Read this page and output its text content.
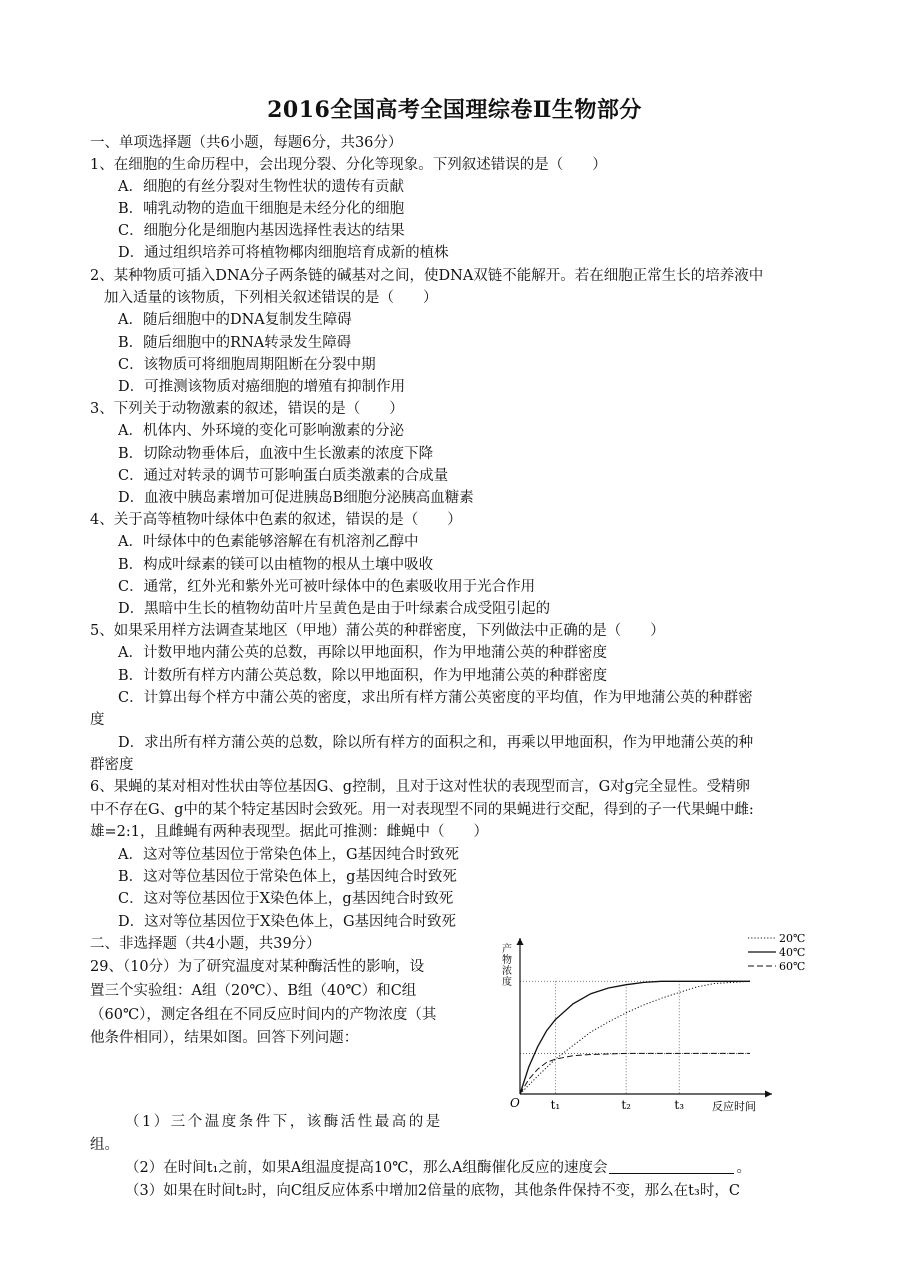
2016全国高考全国理综卷Ⅱ生物部分
一、单项选择题（共6小题，每题6分，共36分）
1、在细胞的生命历程中，会出现分裂、分化等现象。下列叙述错误的是（　　）
A．细胞的有丝分裂对生物性状的遗传有贡献
B．哺乳动物的造血干细胞是未经分化的细胞
C．细胞分化是细胞内基因选择性表达的结果
D．通过组织培养可将植物椰肉细胞培育成新的植株
2、某种物质可插入DNA分子两条链的碱基对之间，使DNA双链不能解开。若在细胞正常生长的培养液中
加入适量的该物质，下列相关叙述错误的是（　　）
A．随后细胞中的DNA复制发生障碍
B．随后细胞中的RNA转录发生障碍
C．该物质可将细胞周期阻断在分裂中期
D．可推测该物质对癌细胞的增殖有抑制作用
3、下列关于动物激素的叙述，错误的是（　　）
A．机体内、外环境的变化可影响激素的分泌
B．切除动物垂体后，血液中生长激素的浓度下降
C．通过对转录的调节可影响蛋白质类激素的合成量
D．血液中胰岛素增加可促进胰岛B细胞分泌胰高血糖素
4、关于高等植物叶绿体中色素的叙述，错误的是（　　）
A．叶绿体中的色素能够溶解在有机溶剂乙醇中
B．构成叶绿素的镁可以由植物的根从土壤中吸收
C．通常，红外光和紫外光可被叶绿体中的色素吸收用于光合作用
D．黑暗中生长的植物幼苗叶片呈黄色是由于叶绿素合成受阻引起的
5、如果采用样方法调查某地区（甲地）蒲公英的种群密度，下列做法中正确的是（　　）
A．计数甲地内蒲公英的总数，再除以甲地面积，作为甲地蒲公英的种群密度
B．计数所有样方内蒲公英总数，除以甲地面积，作为甲地蒲公英的种群密度
C．计算出每个样方中蒲公英的密度，求出所有样方蒲公英密度的平均值，作为甲地蒲公英的种群密
度
D．求出所有样方蒲公英的总数，除以所有样方的面积之和，再乘以甲地面积，作为甲地蒲公英的种
群密度
6、果蝇的某对相对性状由等位基因G、g控制，且对于这对性状的表现型而言，G对g完全显性。受精卵
中不存在G、g中的某个特定基因时会致死。用一对表现型不同的果蝇进行交配，得到的子一代果蝇中雌:
雄=2:1，且雌蝇有两种表现型。据此可推测：雌蝇中（　　）
A．这对等位基因位于常染色体上，G基因纯合时致死
B．这对等位基因位于常染色体上，g基因纯合时致死
C．这对等位基因位于X染色体上，g基因纯合时致死
D．这对等位基因位于X染色体上，G基因纯合时致死
二、非选择题（共4小题，共39分）
29、（10分）为了研究温度对某种酶活性的影响，设
置三个实验组：A组（20℃）、B组（40℃）和C组
（60℃），测定各组在不同反应时间内的产物浓度（其
他条件相同），结果如图。回答下列问题：
（1）三个温度条件下，该酶活性最高的是
组。
（2）在时间t₁之前，如果A组温度提高10℃，那么A组酶催化反应的速度会	。
（3）如果在时间t₂时，向C组反应体系中增加2倍量的底物，其他条件保持不变，那么在t₃时，C
产
物
浓
度
反应时间
O	t₁	t₂	t₃
20℃
40℃
60℃
